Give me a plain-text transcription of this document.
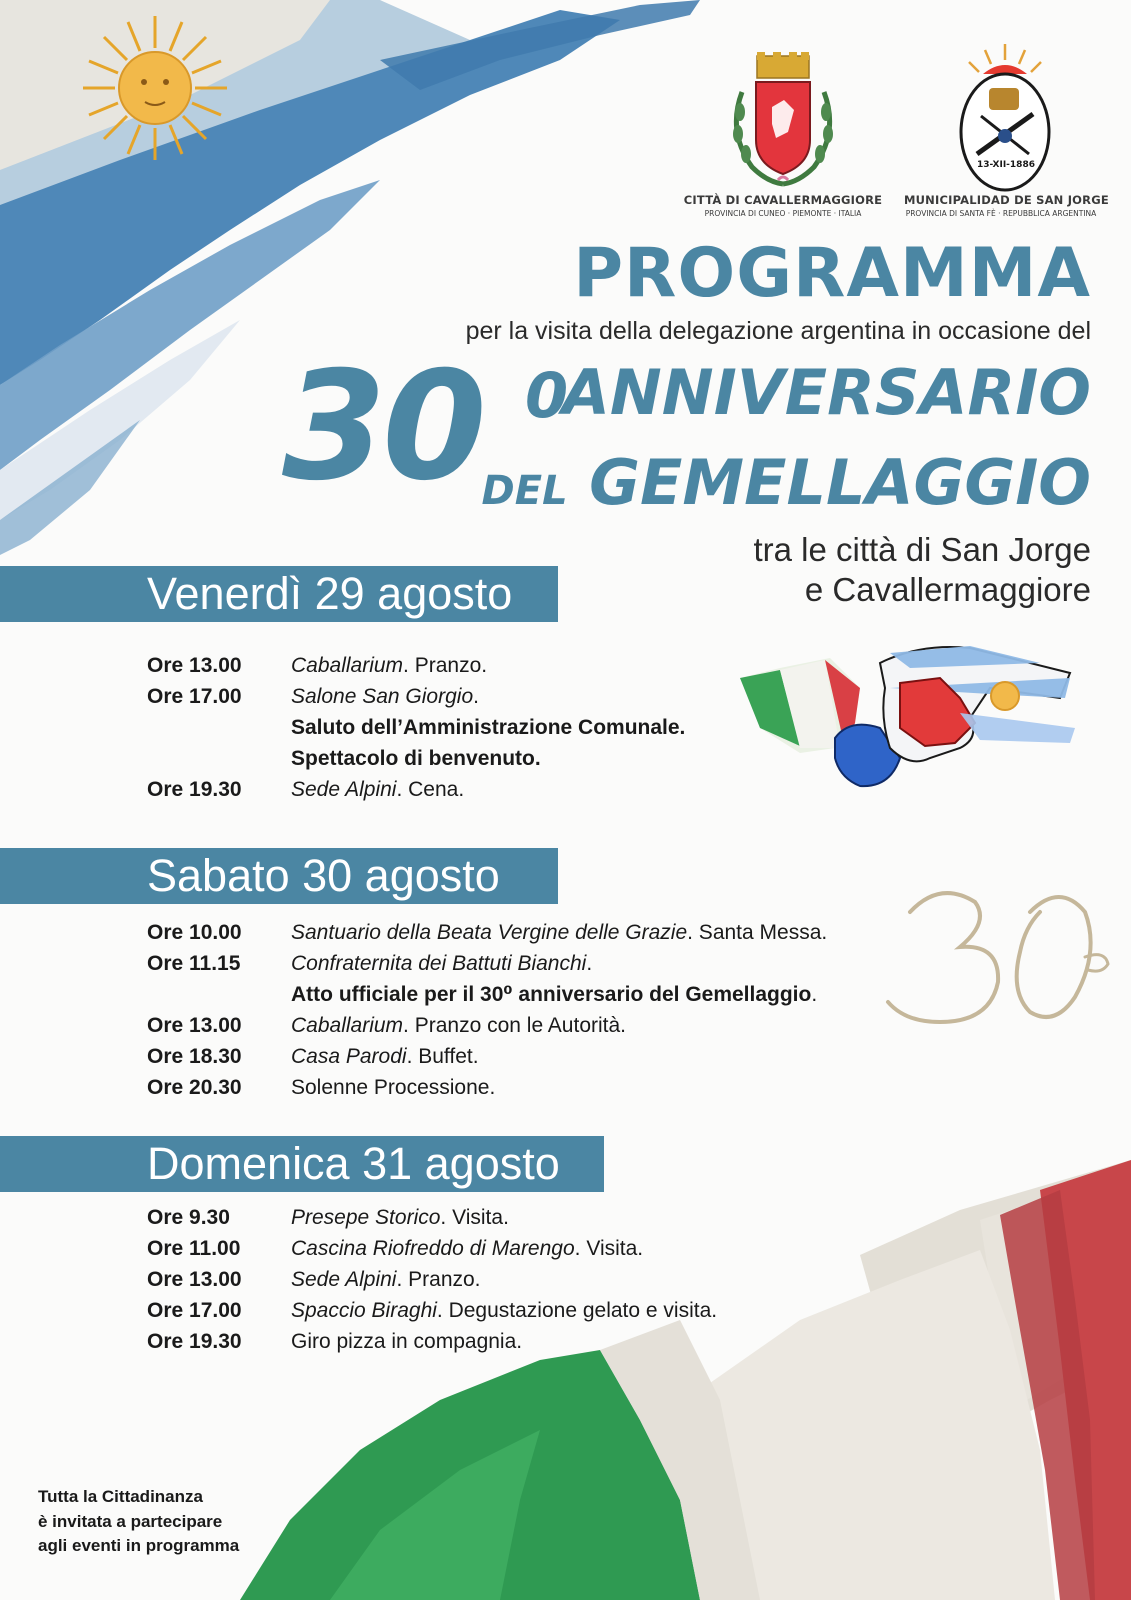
CITTÀ DI CAVALLERMAGGIORE
PROVINCIA DI CUNEO · PIEMONTE · ITALIA
13-XII-1886
MUNICIPALIDAD DE SAN JORGE
PROVINCIA DI SANTA FÈ · REPUBBLICA ARGENTINA
PROGRAMMA
per la visita della delegazione argentina in occasione del
30 0
ANNIVERSARIO
DEL GEMELLAGGIO
tra le città di San Jorge
e Cavallermaggiore
Venerdì 29 agosto
Ore 13.00	Caballarium. Pranzo.
Ore 17.00	Salone San Giorgio.
Saluto dell’Amministrazione Comunale.
Spettacolo di benvenuto.
Ore 19.30	Sede Alpini. Cena.
Sabato 30 agosto
Ore 10.00	Santuario della Beata Vergine delle Grazie. Santa Messa.
Ore 11.15	Confraternita dei Battuti Bianchi.
Atto ufficiale per il 30⁰ anniversario del Gemellaggio.
Ore 13.00	Caballarium. Pranzo con le Autorità.
Ore 18.30	Casa Parodi. Buffet.
Ore 20.30	Solenne Processione.
Domenica 31 agosto
Ore 9.30	Presepe Storico. Visita.
Ore 11.00	Cascina Riofreddo di Marengo. Visita.
Ore 13.00	Sede Alpini. Pranzo.
Ore 17.00	Spaccio Biraghi. Degustazione gelato e visita.
Ore 19.30	Giro pizza in compagnia.
Tutta la Cittadinanza
è invitata a partecipare
agli eventi in programma
